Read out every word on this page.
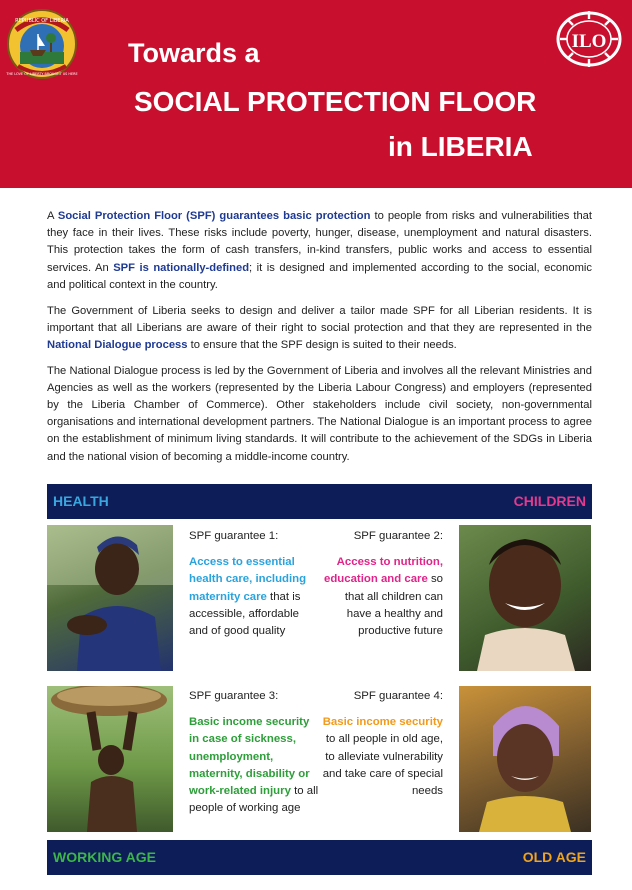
REPUBLIC OF LIBERIA
THE LOVE OF LIBERTY BROUGHT US HERE
ILO
Towards a
SOCIAL PROTECTION FLOOR
in LIBERIA

A Social Protection Floor (SPF) guarantees basic protection to people from risks and vulnerabilities that they face in their lives. These risks include poverty, hunger, disease, unemployment and natural disasters. This protection takes the form of cash transfers, in-kind transfers, public works and access to essential services. An SPF is nationally-defined; it is designed and implemented according to the social, economic and political context in the country.

The Government of Liberia seeks to design and deliver a tailor made SPF for all Liberian residents. It is important that all Liberians are aware of their right to social protection and that they are represented in the National Dialogue process to ensure that the SPF design is suited to their needs.

The National Dialogue process is led by the Government of Liberia and involves all the relevant Ministries and Agencies as well as the workers (represented by the Liberia Labour Congress) and employers (represented by the Liberia Chamber of Commerce). Other stakeholders include civil society, non-governmental organisations and international development partners. The National Dialogue is an important process to agree on the establishment of minimum living standards. It will contribute to the achievement of the SDGs in Liberia and the national vision of becoming a middle-income country.

HEALTH	CHILDREN
SPF guarantee 1:
Access to essential health care, including maternity care that is accessible, affordable and of good quality
SPF guarantee 2:
Access to nutrition, education and care so that all children can have a healthy and productive future
SPF guarantee 3:
Basic income security in case of sickness, unemployment, maternity, disability or work-related injury to all people of working age
SPF guarantee 4:
Basic income security to all people in old age, to alleviate vulnerability and take care of special needs
WORKING AGE	OLD AGE
